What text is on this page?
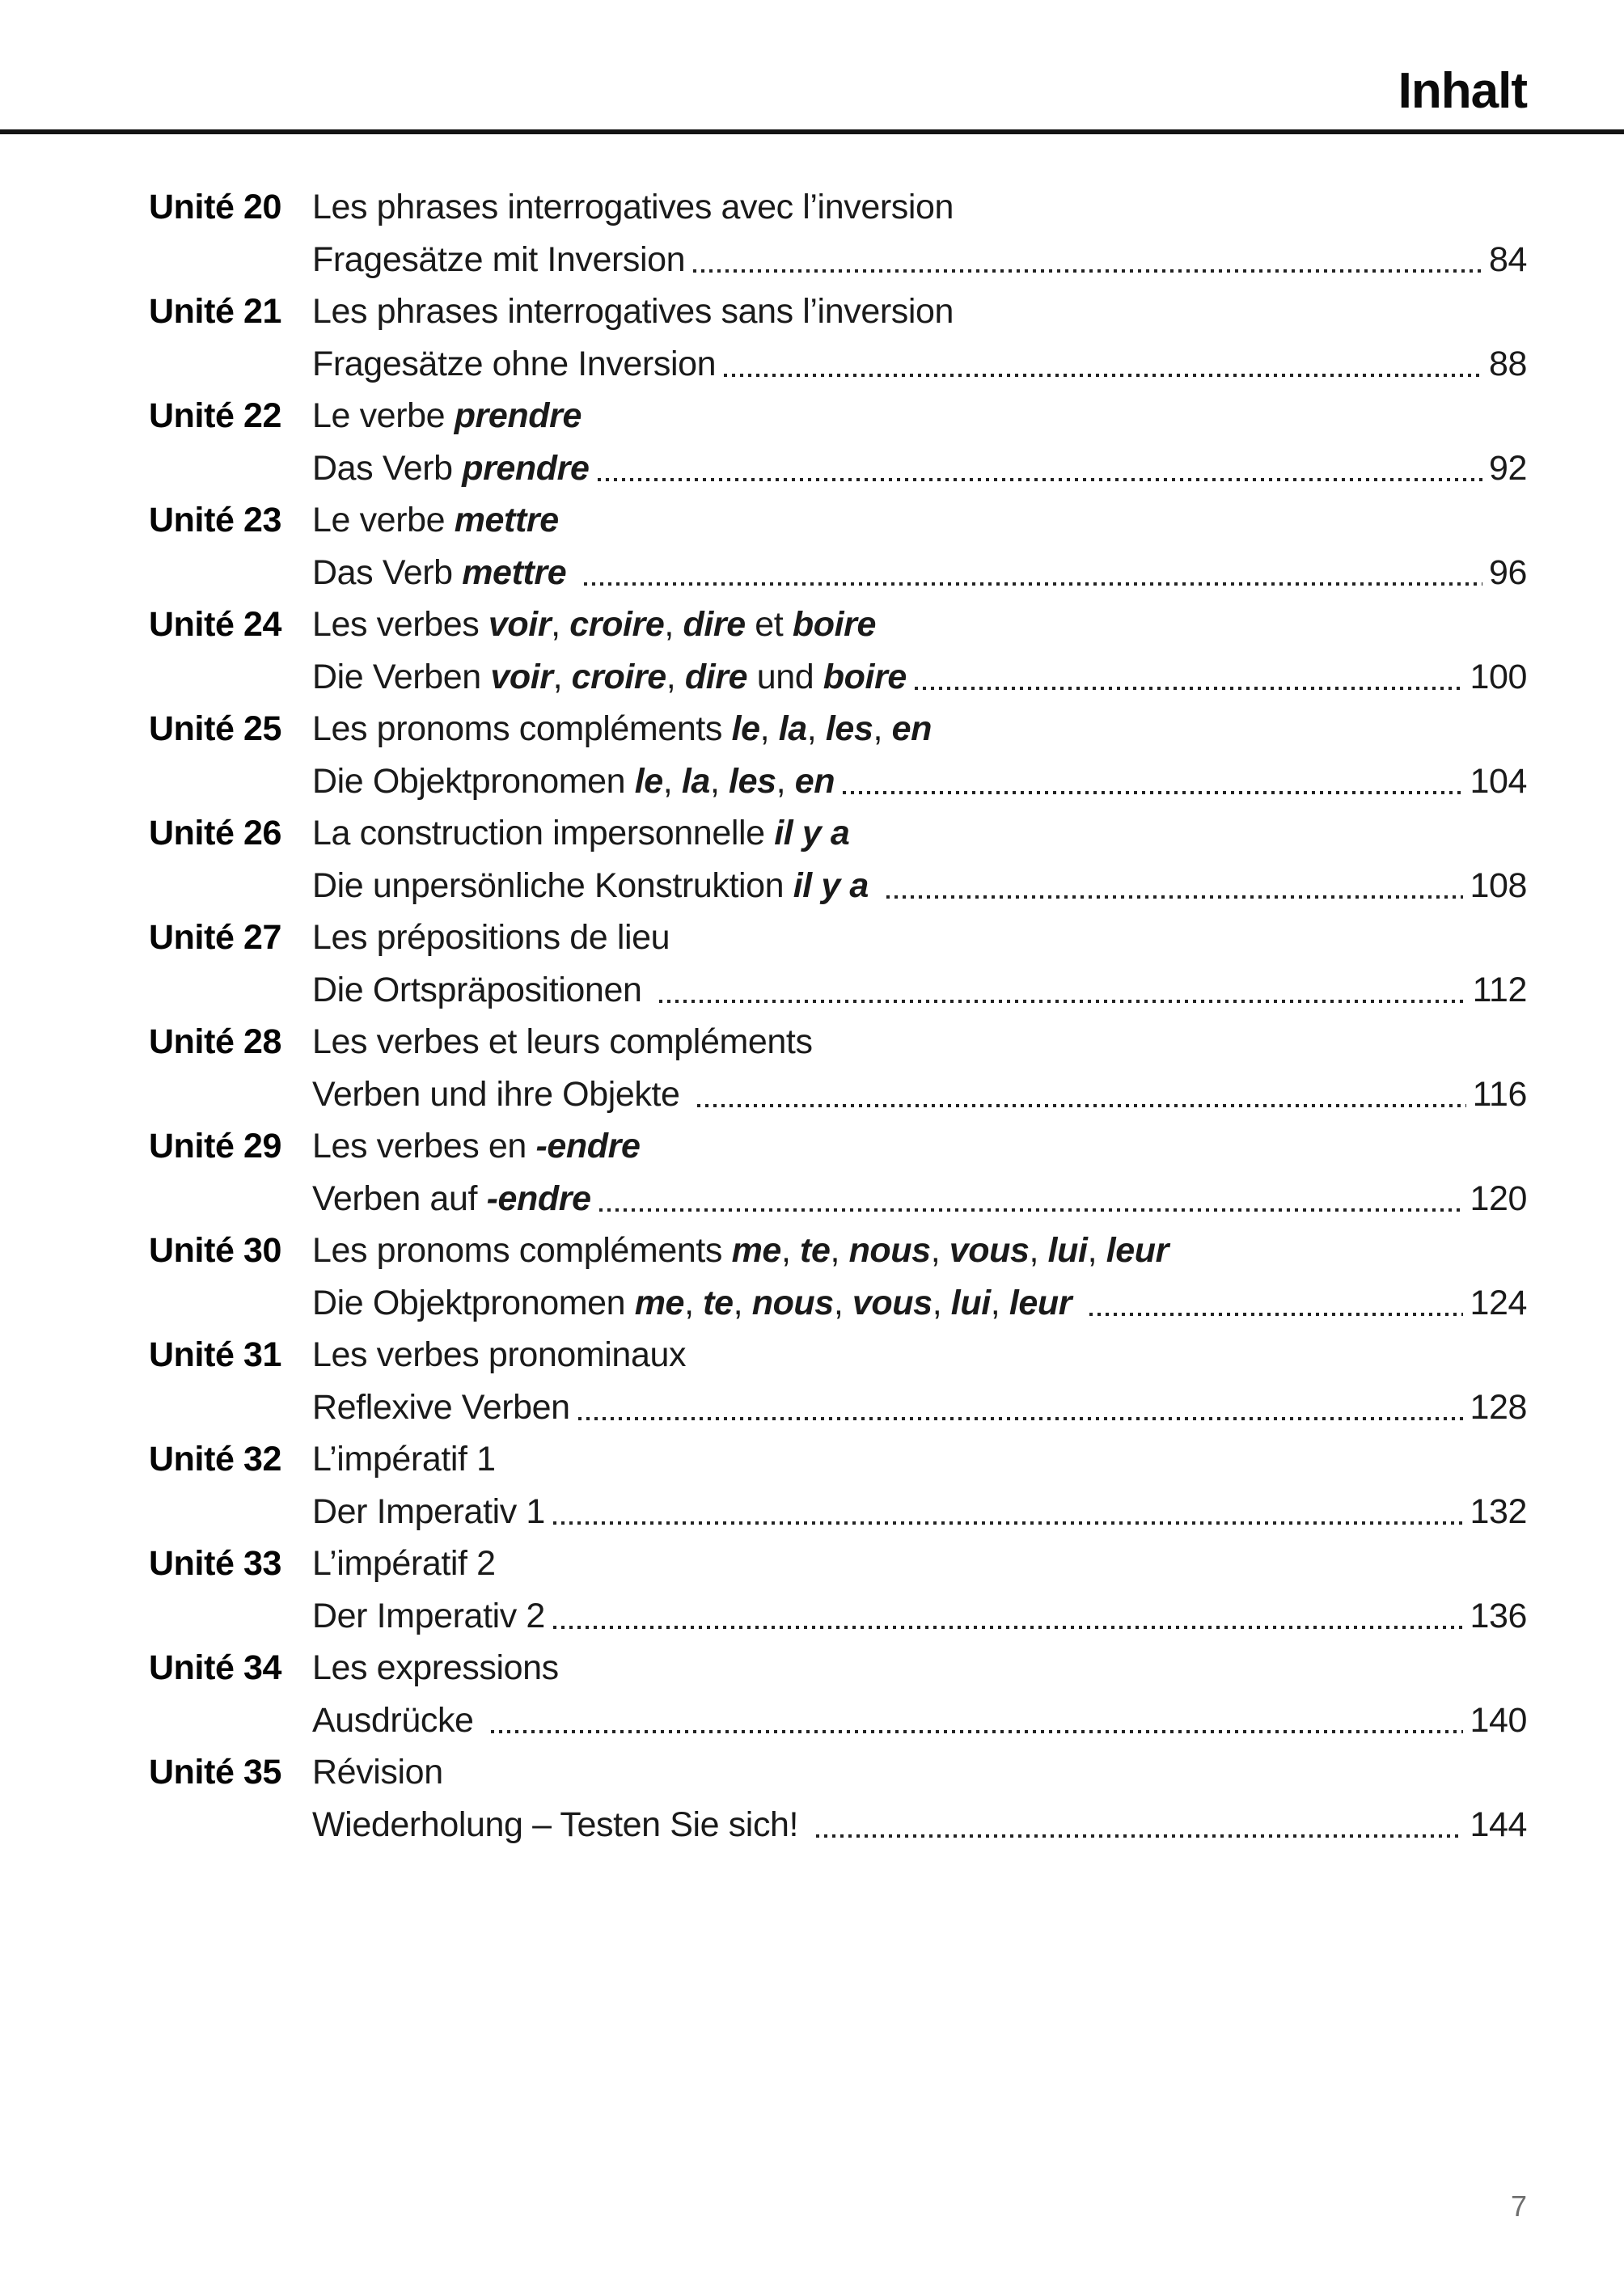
Inhalt
Unité 20 Les phrases interrogatives avec l’inversion
Fragesätze mit Inversion	84
Unité 21 Les phrases interrogatives sans l’inversion
Fragesätze ohne Inversion	88
Unité 22 Le verbe prendre
Das Verb prendre	92
Unité 23 Le verbe mettre
Das Verb mettre	96
Unité 24 Les verbes voir, croire, dire et boire
Die Verben voir, croire, dire und boire	100
Unité 25 Les pronoms compléments le, la, les, en
Die Objektpronomen le, la, les, en	104
Unité 26 La construction impersonnelle il y a
Die unpersönliche Konstruktion il y a	108
Unité 27 Les prépositions de lieu
Die Ortspräpositionen	112
Unité 28 Les verbes et leurs compléments
Verben und ihre Objekte	116
Unité 29 Les verbes en -endre
Verben auf -endre	120
Unité 30 Les pronoms compléments me, te, nous, vous, lui, leur
Die Objektpronomen me, te, nous, vous, lui, leur	124
Unité 31 Les verbes pronominaux
Reflexive Verben	128
Unité 32 L’impératif 1
Der Imperativ 1	132
Unité 33 L’impératif 2
Der Imperativ 2	136
Unité 34 Les expressions
Ausdrücke	140
Unité 35 Révision
Wiederholung – Testen Sie sich!	144
7
